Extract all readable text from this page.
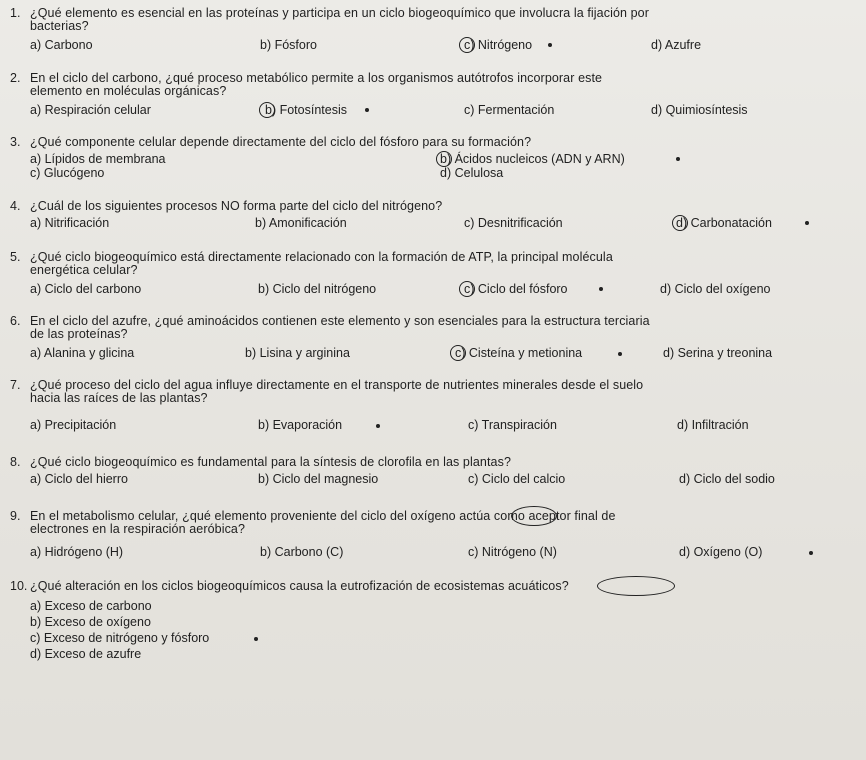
1. ¿Qué elemento es esencial en las proteínas y participa en un ciclo biogeoquímico que involucra la fijación por
bacterias?
a) Carbono	b) Fósforo	c) Nitrógeno	d) Azufre
2. En el ciclo del carbono, ¿qué proceso metabólico permite a los organismos autótrofos incorporar este
elemento en moléculas orgánicas?
a) Respiración celular	b) Fotosíntesis	c) Fermentación	d) Quimiosíntesis
3. ¿Qué componente celular depende directamente del ciclo del fósforo para su formación?
a) Lípidos de membrana	b) Ácidos nucleicos (ADN y ARN)
c) Glucógeno	d) Celulosa
4. ¿Cuál de los siguientes procesos NO forma parte del ciclo del nitrógeno?
a) Nitrificación	b) Amonificación	c) Desnitrificación	d) Carbonatación
5. ¿Qué ciclo biogeoquímico está directamente relacionado con la formación de ATP, la principal molécula
energética celular?
a) Ciclo del carbono	b) Ciclo del nitrógeno	c) Ciclo del fósforo	d) Ciclo del oxígeno
6. En el ciclo del azufre, ¿qué aminoácidos contienen este elemento y son esenciales para la estructura terciaria
de las proteínas?
a) Alanina y glicina	b) Lisina y arginina	c) Cisteína y metionina	d) Serina y treonina
7. ¿Qué proceso del ciclo del agua influye directamente en el transporte de nutrientes minerales desde el suelo
hacia las raíces de las plantas?
a) Precipitación	b) Evaporación	c) Transpiración	d) Infiltración
8. ¿Qué ciclo biogeoquímico es fundamental para la síntesis de clorofila en las plantas?
a) Ciclo del hierro	b) Ciclo del magnesio	c) Ciclo del calcio	d) Ciclo del sodio
9. En el metabolismo celular, ¿qué elemento proveniente del ciclo del oxígeno actúa como aceptor final de
electrones en la respiración aeróbica?
a) Hidrógeno (H)	b) Carbono (C)	c) Nitrógeno (N)	d) Oxígeno (O)
10. ¿Qué alteración en los ciclos biogeoquímicos causa la eutrofización de ecosistemas acuáticos?
a) Exceso de carbono
b) Exceso de oxígeno
c) Exceso de nitrógeno y fósforo
d) Exceso de azufre
